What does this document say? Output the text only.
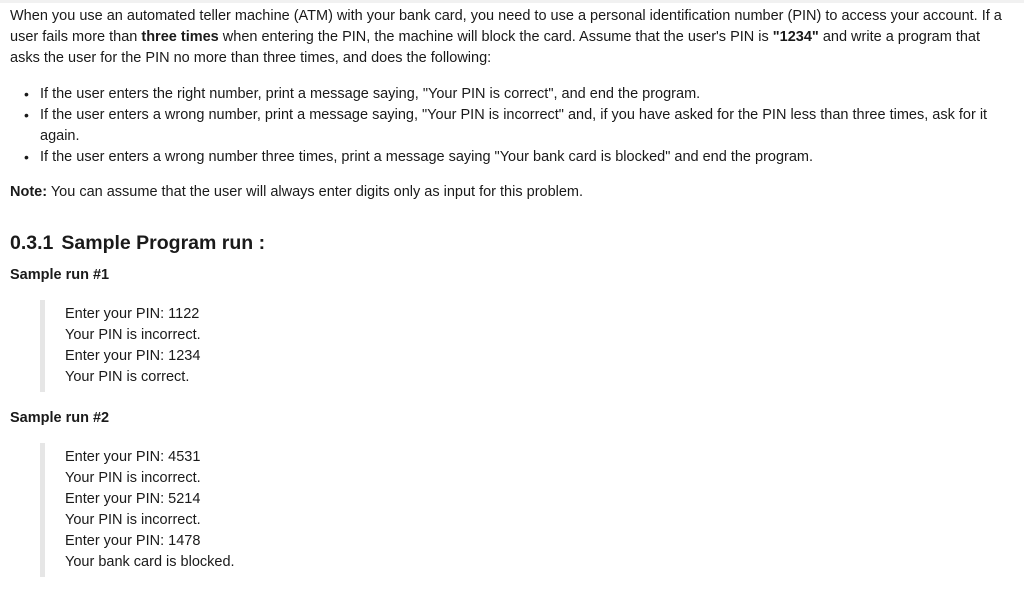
When you use an automated teller machine (ATM) with your bank card, you need to use a personal identification number (PIN) to access your account. If a
user fails more than three times when entering the PIN, the machine will block the card. Assume that the user's PIN is "1234" and write a program that
asks the user for the PIN no more than three times, and does the following:

• If the user enters the right number, print a message saying, "Your PIN is correct", and end the program.
• If the user enters a wrong number, print a message saying, "Your PIN is incorrect" and, if you have asked for the PIN less than three times, ask for it
again.
• If the user enters a wrong number three times, print a message saying "Your bank card is blocked" and end the program.
Note: You can assume that the user will always enter digits only as input for this problem.
0.3.1 Sample Program run :
Sample run #1
Enter your PIN: 1122
Your PIN is incorrect.
Enter your PIN: 1234
Your PIN is correct.
Sample run #2
Enter your PIN: 4531
Your PIN is incorrect.
Enter your PIN: 5214
Your PIN is incorrect.
Enter your PIN: 1478
Your bank card is blocked.
